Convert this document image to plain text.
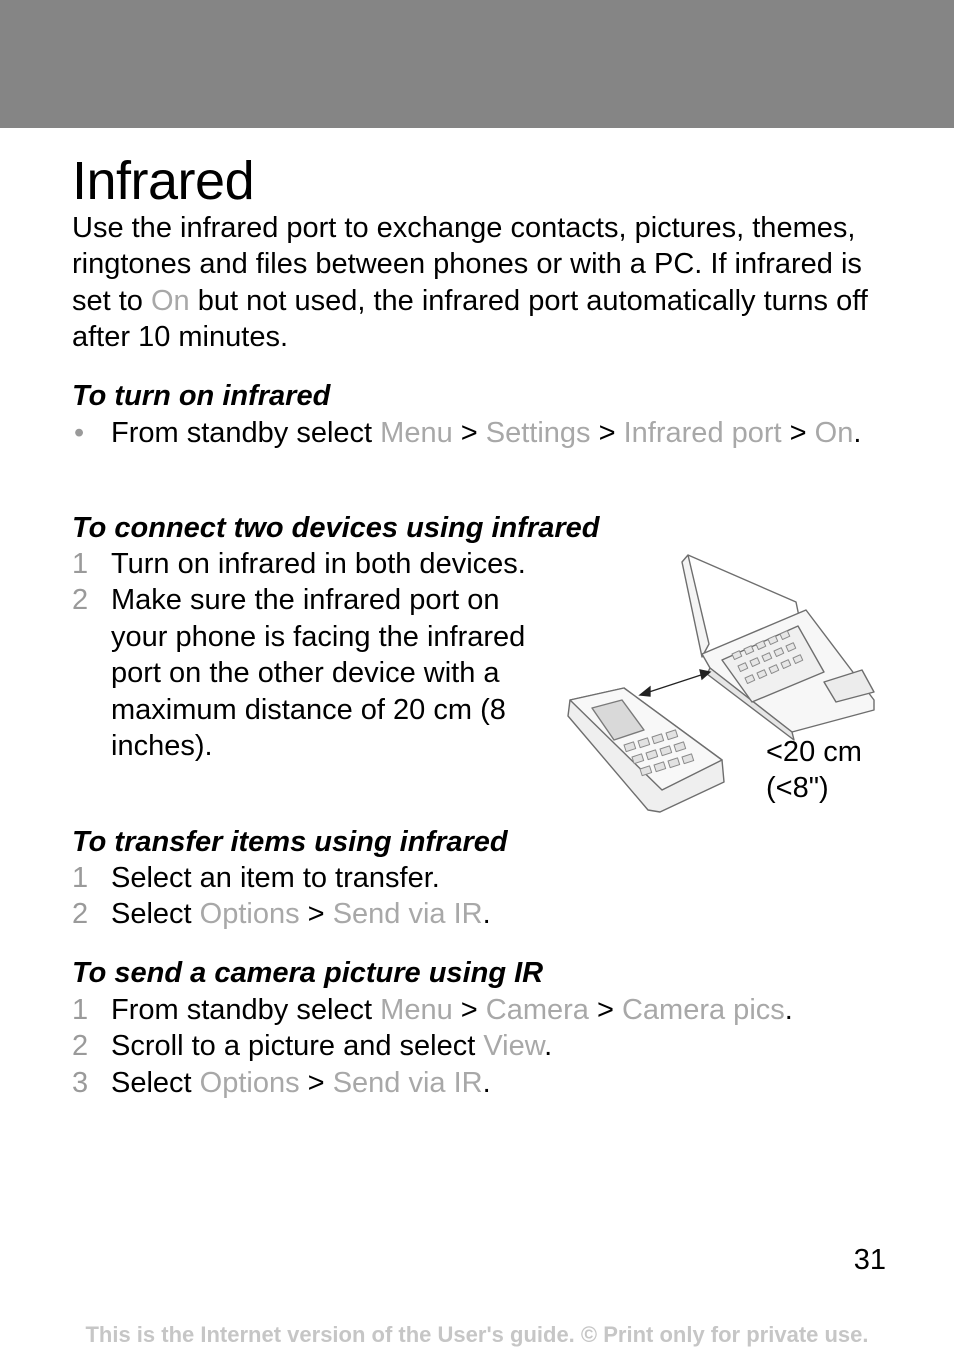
Infrared

Use the infrared port to exchange contacts, pictures, themes, ringtones and files between phones or with a PC. If infrared is set to On but not used, the infrared port automatically turns off after 10 minutes.

To turn on infrared
• From standby select Menu > Settings > Infrared port > On.
To connect two devices using infrared
1 Turn on infrared in both devices.
2 Make sure the infrared port on your phone is facing the infrared port on the other device with a maximum distance of 20 cm (8 inches).	<20 cm
(<8")
To transfer items using infrared
1 Select an item to transfer.
2 Select Options > Send via IR.
To send a camera picture using IR
1 From standby select Menu > Camera > Camera pics.
2 Scroll to a picture and select View.
3 Select Options > Send via IR.
31
This is the Internet version of the User's guide. © Print only for private use.
